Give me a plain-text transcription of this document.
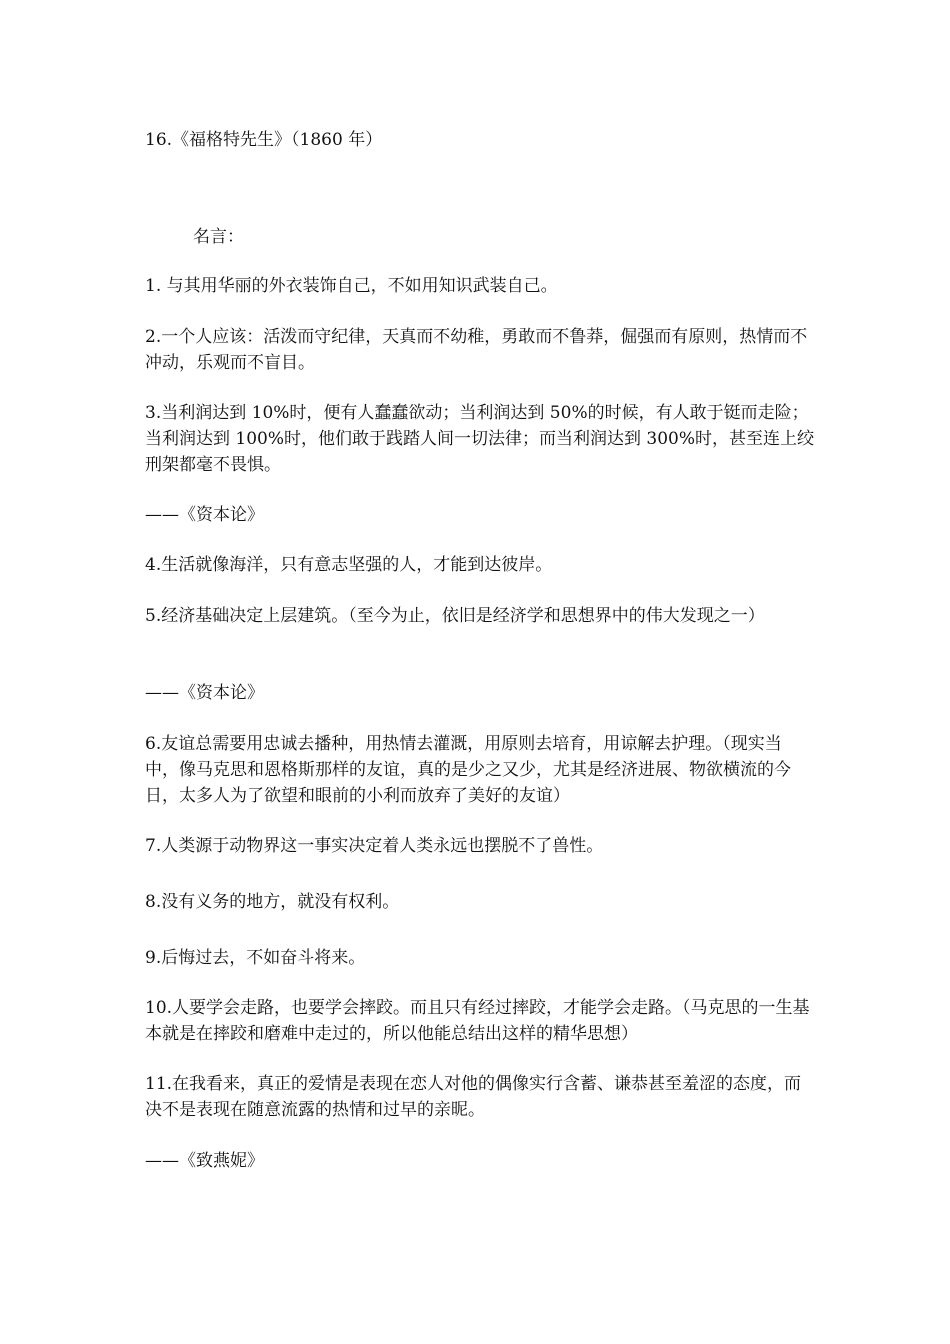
16.《福格特先生》（1860 年）

名言：

1. 与其用华丽的外衣装饰自己，不如用知识武装自己。

2.一个人应该：活泼而守纪律，天真而不幼稚，勇敢而不鲁莽，倔强而有原则，热情而不冲动，乐观而不盲目。

3.当利润达到 10%时，便有人蠢蠢欲动；当利润达到 50%的时候，有人敢于铤而走险；当利润达到 100%时，他们敢于践踏人间一切法律；而当利润达到 300%时，甚至连上绞刑架都毫不畏惧。

——《资本论》

4.生活就像海洋，只有意志坚强的人，才能到达彼岸。

5.经济基础决定上层建筑。（至今为止，依旧是经济学和思想界中的伟大发现之一）

——《资本论》

6.友谊总需要用忠诚去播种，用热情去灌溉，用原则去培育，用谅解去护理。（现实当中，像马克思和恩格斯那样的友谊，真的是少之又少，尤其是经济进展、物欲横流的今日，太多人为了欲望和眼前的小利而放弃了美好的友谊）

7.人类源于动物界这一事实决定着人类永远也摆脱不了兽性。

8.没有义务的地方，就没有权利。

9.后悔过去，不如奋斗将来。

10.人要学会走路，也要学会摔跤。而且只有经过摔跤，才能学会走路。（马克思的一生基本就是在摔跤和磨难中走过的，所以他能总结出这样的精华思想）

11.在我看来，真正的爱情是表现在恋人对他的偶像实行含蓄、谦恭甚至羞涩的态度，而决不是表现在随意流露的热情和过早的亲昵。

——《致燕妮》
